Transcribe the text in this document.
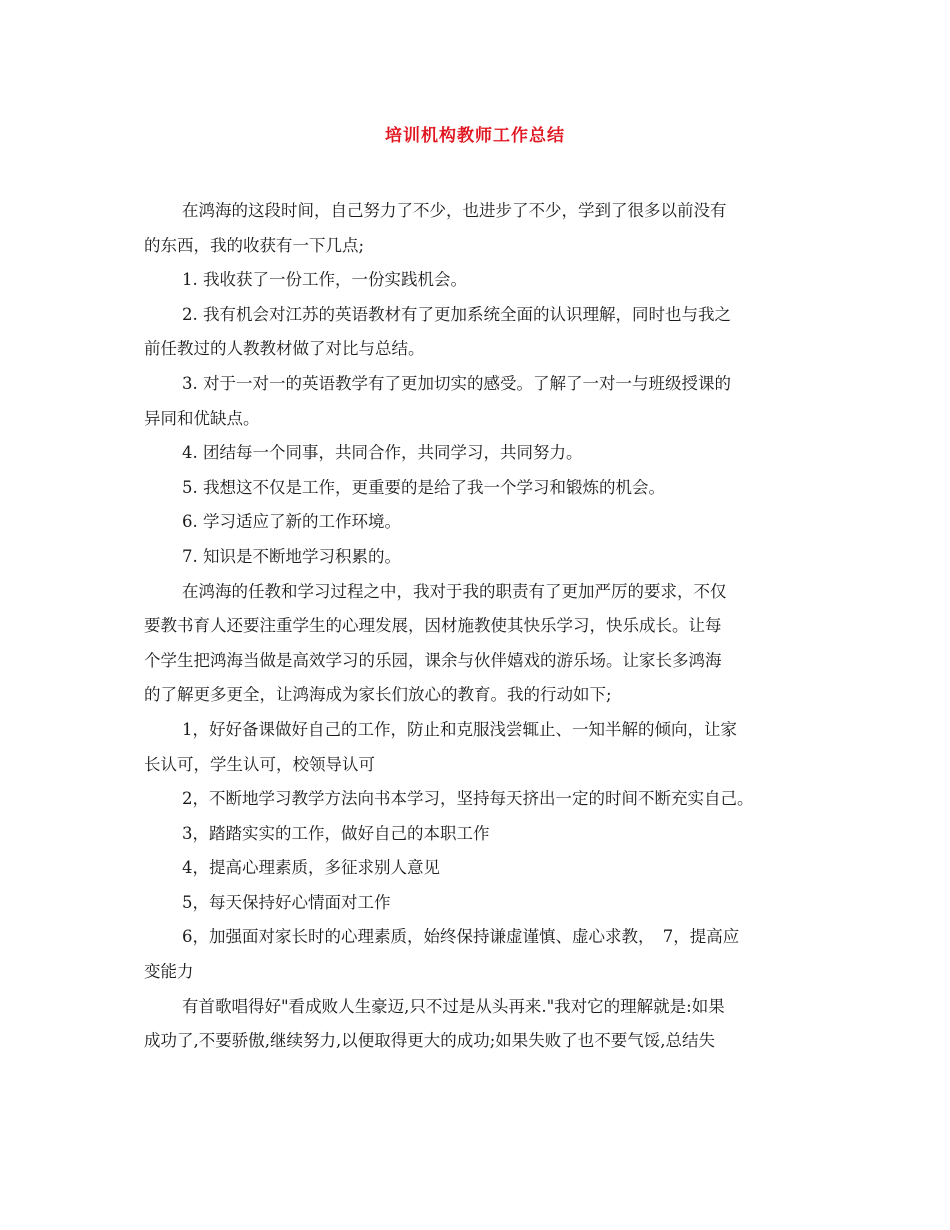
培训机构教师工作总结
在鸿海的这段时间，自己努力了不少，也进步了不少，学到了很多以前没有
的东西，我的收获有一下几点;
1. 我收获了一份工作，一份实践机会。
2. 我有机会对江苏的英语教材有了更加系统全面的认识理解，同时也与我之
前任教过的人教教材做了对比与总结。
3. 对于一对一的英语教学有了更加切实的感受。了解了一对一与班级授课的
异同和优缺点。
4. 团结每一个同事，共同合作，共同学习，共同努力。
5. 我想这不仅是工作，更重要的是给了我一个学习和锻炼的机会。
6. 学习适应了新的工作环境。
7. 知识是不断地学习积累的。
在鸿海的任教和学习过程之中，我对于我的职责有了更加严厉的要求，不仅
要教书育人还要注重学生的心理发展，因材施教使其快乐学习，快乐成长。让每
个学生把鸿海当做是高效学习的乐园，课余与伙伴嬉戏的游乐场。让家长多鸿海
的了解更多更全，让鸿海成为家长们放心的教育。我的行动如下;
1，好好备课做好自己的工作，防止和克服浅尝辄止、一知半解的倾向，让家
长认可，学生认可，校领导认可
2，不断地学习教学方法向书本学习，坚持每天挤出一定的时间不断充实自己。
3，踏踏实实的工作，做好自己的本职工作
4，提高心理素质，多征求别人意见
5，每天保持好心情面对工作
6，加强面对家长时的心理素质，始终保持谦虚谨慎、虚心求教，　7，提高应
变能力
有首歌唱得好"看成败人生豪迈,只不过是从头再来."我对它的理解就是:如果
成功了,不要骄傲,继续努力,以便取得更大的成功;如果失败了也不要气馁,总结失
